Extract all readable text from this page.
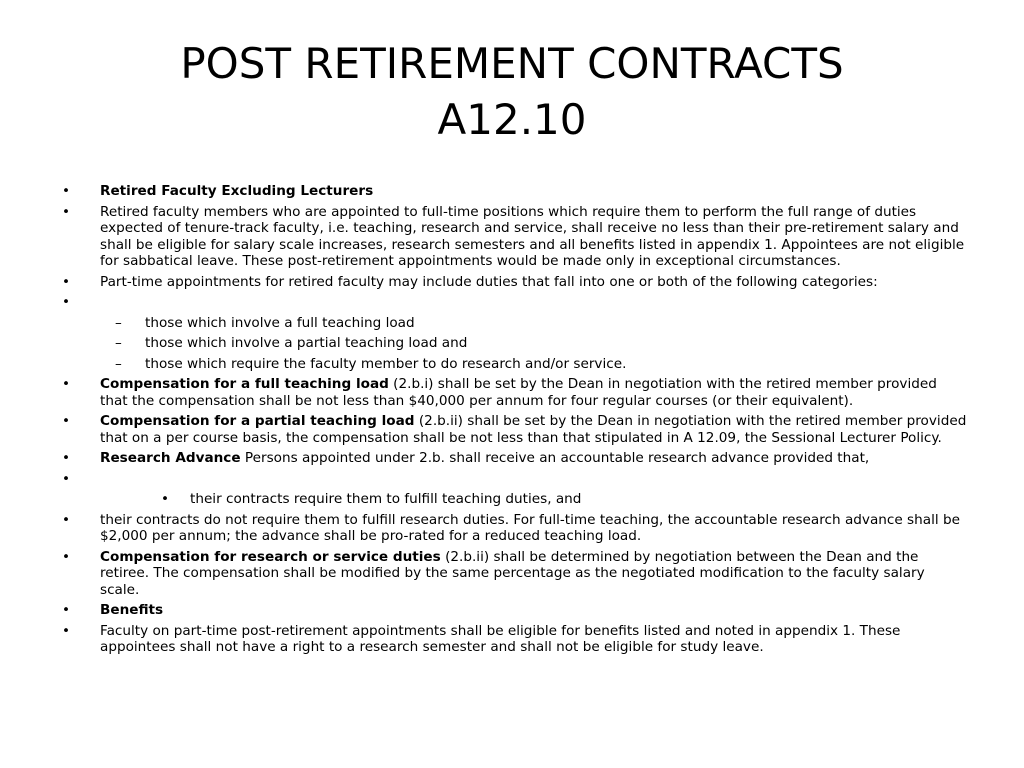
POST RETIREMENT CONTRACTS
A12.10
• Retired Faculty Excluding Lecturers
• Retired faculty members who are appointed to full-time positions which require them to perform the full range of duties expected of tenure-track faculty, i.e. teaching, research and service, shall receive no less than their pre-retirement salary and shall be eligible for salary scale increases, research semesters and all benefits listed in appendix 1. Appointees are not eligible for sabbatical leave. These post-retirement appointments would be made only in exceptional circumstances.
• Part-time appointments for retired faculty may include duties that fall into one or both of the following categories:
•
– those which involve a full teaching load
– those which involve a partial teaching load and
– those which require the faculty member to do research and/or service.
• Compensation for a full teaching load (2.b.i) shall be set by the Dean in negotiation with the retired member provided that the compensation shall be not less than $40,000 per annum for four regular courses (or their equivalent).
• Compensation for a partial teaching load (2.b.ii) shall be set by the Dean in negotiation with the retired member provided that on a per course basis, the compensation shall be not less than that stipulated in A 12.09, the Sessional Lecturer Policy.
• Research Advance Persons appointed under 2.b. shall receive an accountable research advance provided that,
•
• their contracts require them to fulfill teaching duties, and
• their contracts do not require them to fulfill research duties. For full-time teaching, the accountable research advance shall be $2,000 per annum; the advance shall be pro-rated for a reduced teaching load.
• Compensation for research or service duties (2.b.ii) shall be determined by negotiation between the Dean and the retiree. The compensation shall be modified by the same percentage as the negotiated modification to the faculty salary scale.
• Benefits
• Faculty on part-time post-retirement appointments shall be eligible for benefits listed and noted in appendix 1. These appointees shall not have a right to a research semester and shall not be eligible for study leave.
